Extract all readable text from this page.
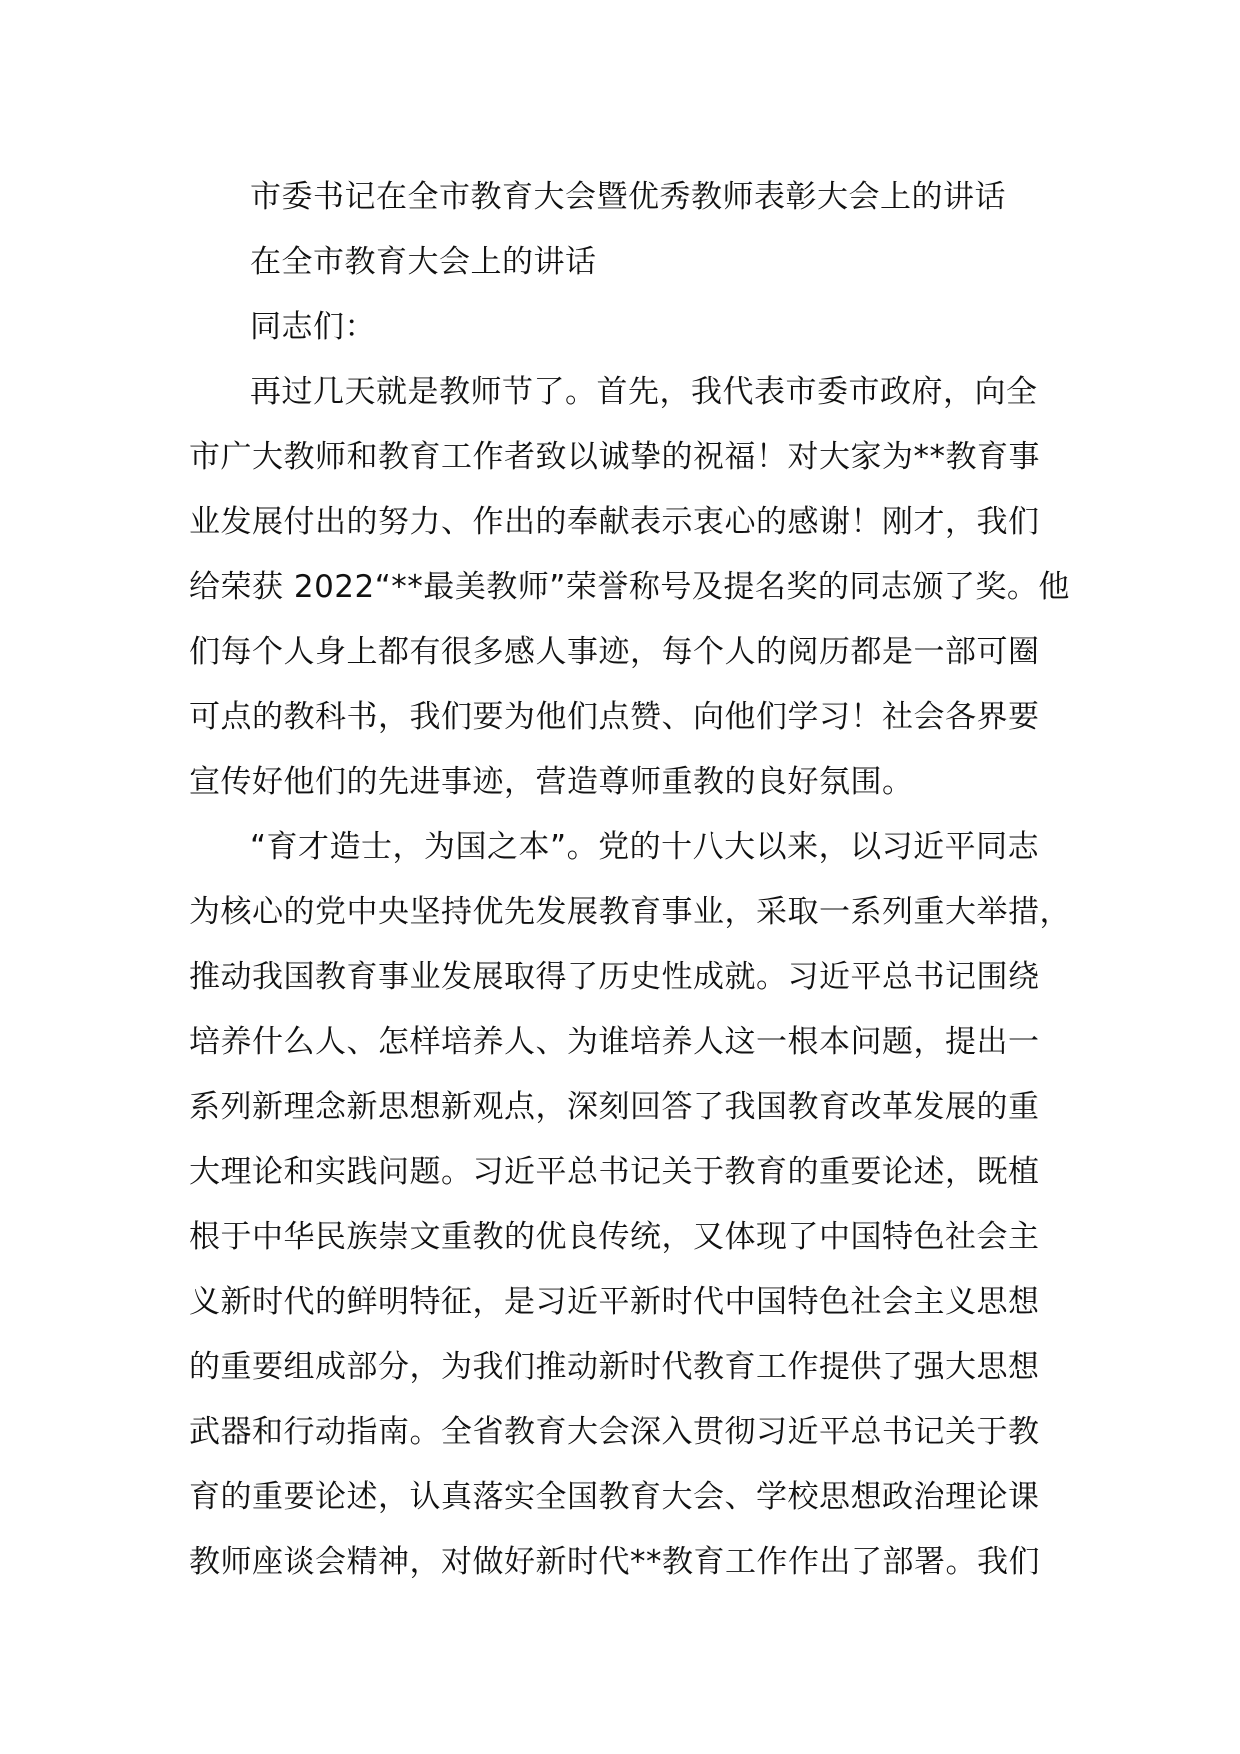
市委书记在全市教育大会暨优秀教师表彰大会上的讲话
在全市教育大会上的讲话
同志们：
再过几天就是教师节了。首先，我代表市委市政府，向全
市广大教师和教育工作者致以诚挚的祝福！对大家为**教育事
业发展付出的努力、作出的奉献表示衷心的感谢！刚才，我们
给荣获 2022“**最美教师”荣誉称号及提名奖的同志颁了奖。他
们每个人身上都有很多感人事迹，每个人的阅历都是一部可圈
可点的教科书，我们要为他们点赞、向他们学习！社会各界要
宣传好他们的先进事迹，营造尊师重教的良好氛围。
“育才造士，为国之本”。党的十八大以来，以习近平同志
为核心的党中央坚持优先发展教育事业，采取一系列重大举措，
推动我国教育事业发展取得了历史性成就。习近平总书记围绕
培养什么人、怎样培养人、为谁培养人这一根本问题，提出一
系列新理念新思想新观点，深刻回答了我国教育改革发展的重
大理论和实践问题。习近平总书记关于教育的重要论述，既植
根于中华民族崇文重教的优良传统，又体现了中国特色社会主
义新时代的鲜明特征，是习近平新时代中国特色社会主义思想
的重要组成部分，为我们推动新时代教育工作提供了强大思想
武器和行动指南。全省教育大会深入贯彻习近平总书记关于教
育的重要论述，认真落实全国教育大会、学校思想政治理论课
教师座谈会精神，对做好新时代**教育工作作出了部署。我们
